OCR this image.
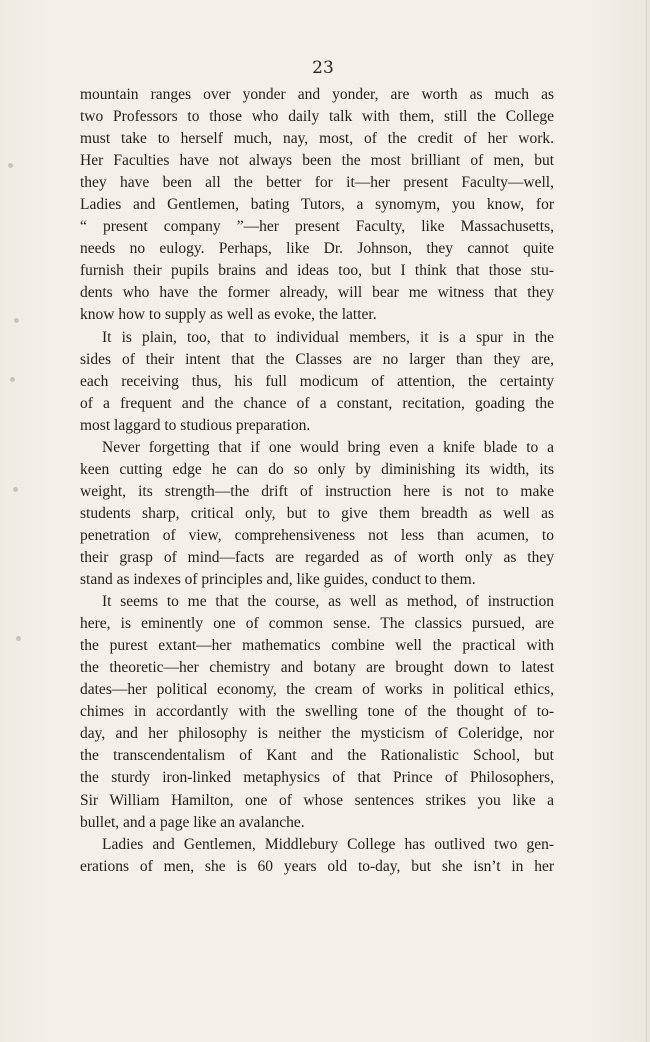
23
mountain ranges over yonder and yonder, are worth as much as
two Professors to those who daily talk with them, still the College
must take to herself much, nay, most, of the credit of her work.
Her Faculties have not always been the most brilliant of men, but
they have been all the better for it—her present Faculty—well,
Ladies and Gentlemen, bating Tutors, a synomym, you know, for
“ present company ”—her present Faculty, like Massachusetts,
needs no eulogy. Perhaps, like Dr. Johnson, they cannot quite
furnish their pupils brains and ideas too, but I think that those stu-
dents who have the former already, will bear me witness that they
know how to supply as well as evoke, the latter.
It is plain, too, that to individual members, it is a spur in the
sides of their intent that the Classes are no larger than they are,
each receiving thus, his full modicum of attention, the certainty
of a frequent and the chance of a constant, recitation, goading the
most laggard to studious preparation.
Never forgetting that if one would bring even a knife blade to a
keen cutting edge he can do so only by diminishing its width, its
weight, its strength—the drift of instruction here is not to make
students sharp, critical only, but to give them breadth as well as
penetration of view, comprehensiveness not less than acumen, to
their grasp of mind—facts are regarded as of worth only as they
stand as indexes of principles and, like guides, conduct to them.
It seems to me that the course, as well as method, of instruction
here, is eminently one of common sense. The classics pursued, are
the purest extant—her mathematics combine well the practical with
the theoretic—her chemistry and botany are brought down to latest
dates—her political economy, the cream of works in political ethics,
chimes in accordantly with the swelling tone of the thought of to-
day, and her philosophy is neither the mysticism of Coleridge, nor
the transcendentalism of Kant and the Rationalistic School, but
the sturdy iron-linked metaphysics of that Prince of Philosophers,
Sir William Hamilton, one of whose sentences strikes you like a
bullet, and a page like an avalanche.
Ladies and Gentlemen, Middlebury College has outlived two gen-
erations of men, she is 60 years old to-day, but she isn’t in her
